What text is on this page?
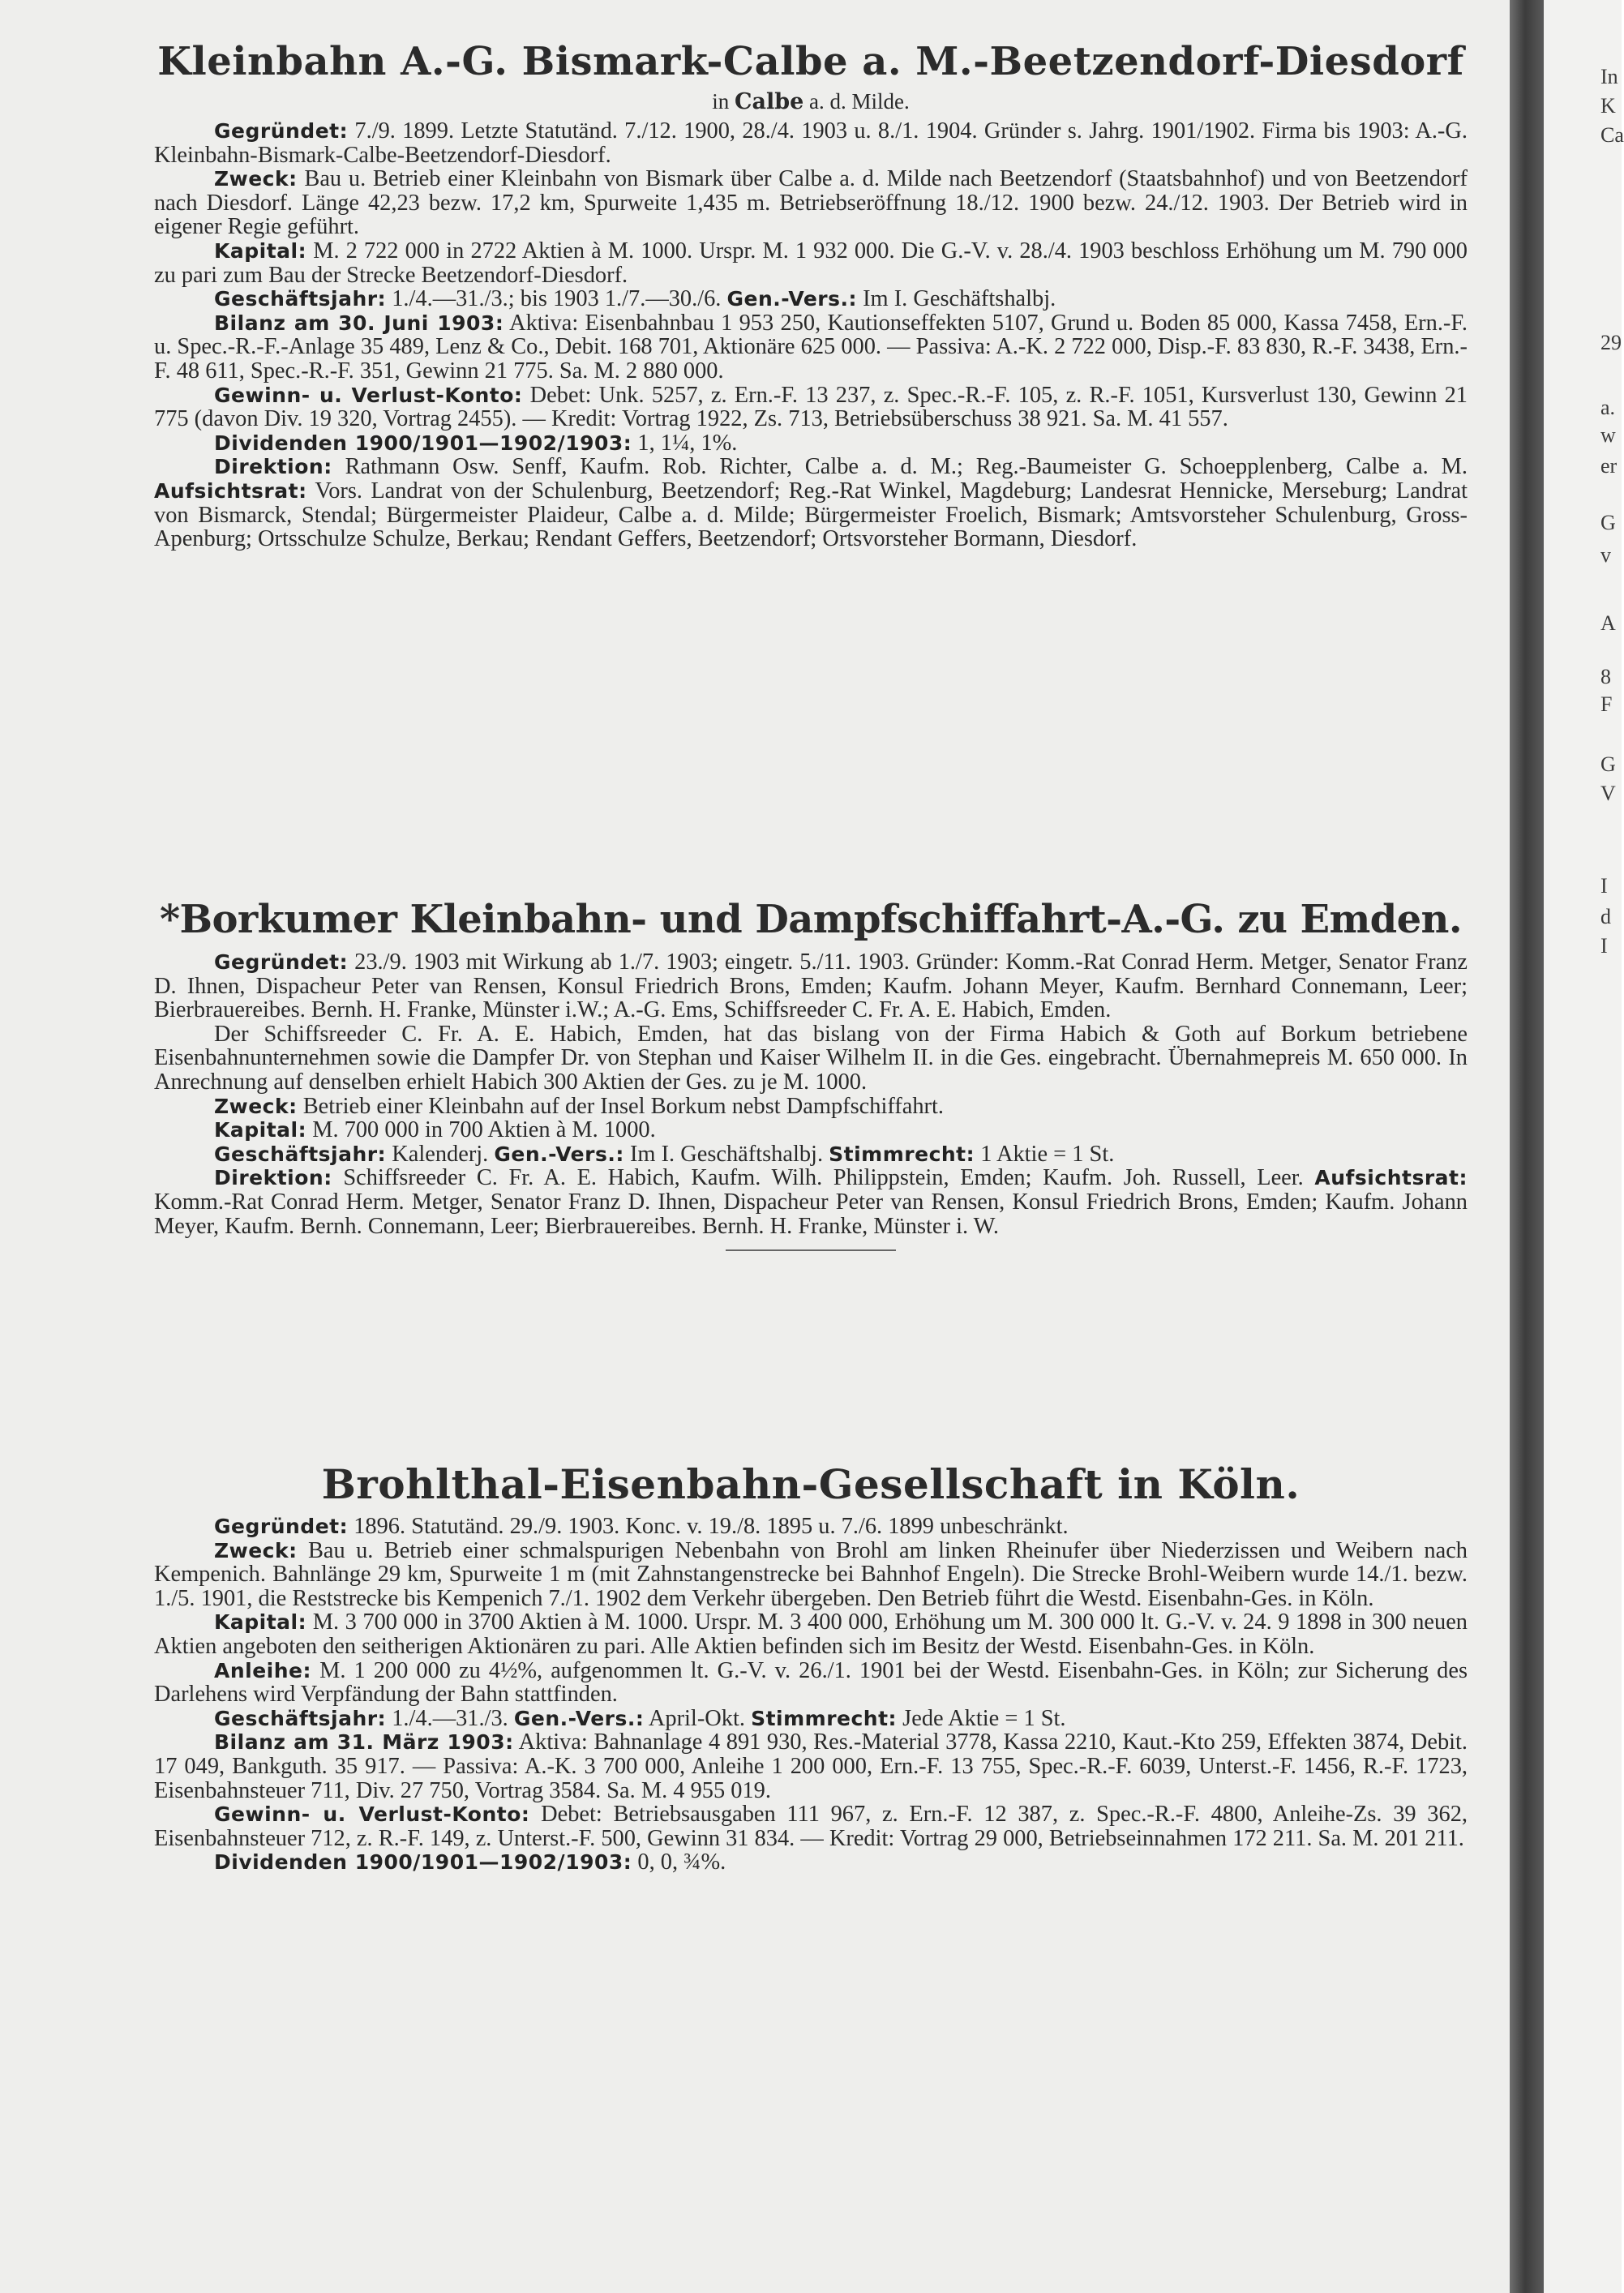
Kleinbahn A.-G. Bismark-Calbe a. M.-Beetzendorf-Diesdorf
in Calbe a. d. Milde.

Gegründet: 7./9. 1899. Letzte Statutänd. 7./12. 1900, 28./4. 1903 u. 8./1. 1904. Gründer s. Jahrg. 1901/1902. Firma bis 1903: A.-G. Kleinbahn-Bismark-Calbe-Beetzendorf-Diesdorf.

Zweck: Bau u. Betrieb einer Kleinbahn von Bismark über Calbe a. d. Milde nach Beetzendorf (Staatsbahnhof) und von Beetzendorf nach Diesdorf. Länge 42,23 bezw. 17,2 km, Spurweite 1,435 m. Betriebseröffnung 18./12. 1900 bezw. 24./12. 1903. Der Betrieb wird in eigener Regie geführt.

Kapital: M. 2 722 000 in 2722 Aktien à M. 1000. Urspr. M. 1 932 000. Die G.-V. v. 28./4. 1903 beschloss Erhöhung um M. 790 000 zu pari zum Bau der Strecke Beetzendorf-Diesdorf.

Geschäftsjahr: 1./4.—31./3.; bis 1903 1./7.—30./6. Gen.-Vers.: Im I. Geschäftshalbj.

Bilanz am 30. Juni 1903: Aktiva: Eisenbahnbau 1 953 250, Kautionseffekten 5107, Grund u. Boden 85 000, Kassa 7458, Ern.-F. u. Spec.-R.-F.-Anlage 35 489, Lenz & Co., Debit. 168 701, Aktionäre 625 000. — Passiva: A.-K. 2 722 000, Disp.-F. 83 830, R.-F. 3438, Ern.-F. 48 611, Spec.-R.-F. 351, Gewinn 21 775. Sa. M. 2 880 000.

Gewinn- u. Verlust-Konto: Debet: Unk. 5257, z. Ern.-F. 13 237, z. Spec.-R.-F. 105, z. R.-F. 1051, Kursverlust 130, Gewinn 21 775 (davon Div. 19 320, Vortrag 2455). — Kredit: Vortrag 1922, Zs. 713, Betriebsüberschuss 38 921. Sa. M. 41 557.

Dividenden 1900/1901—1902/1903: 1, 1¼, 1%.

Direktion: Rathmann Osw. Senff, Kaufm. Rob. Richter, Calbe a. d. M.; Reg.-Baumeister G. Schoepplenberg, Calbe a. M. Aufsichtsrat: Vors. Landrat von der Schulenburg, Beetzendorf; Reg.-Rat Winkel, Magdeburg; Landesrat Hennicke, Merseburg; Landrat von Bismarck, Stendal; Bürgermeister Plaideur, Calbe a. d. Milde; Bürgermeister Froelich, Bismark; Amtsvorsteher Schulenburg, Gross-Apenburg; Ortsschulze Schulze, Berkau; Rendant Geffers, Beetzendorf; Ortsvorsteher Bormann, Diesdorf.

*Borkumer Kleinbahn- und Dampfschiffahrt-A.-G. zu Emden.

Gegründet: 23./9. 1903 mit Wirkung ab 1./7. 1903; eingetr. 5./11. 1903. Gründer: Komm.-Rat Conrad Herm. Metger, Senator Franz D. Ihnen, Dispacheur Peter van Rensen, Konsul Friedrich Brons, Emden; Kaufm. Johann Meyer, Kaufm. Bernhard Connemann, Leer; Bierbrauereibes. Bernh. H. Franke, Münster i.W.; A.-G. Ems, Schiffsreeder C. Fr. A. E. Habich, Emden.

Der Schiffsreeder C. Fr. A. E. Habich, Emden, hat das bislang von der Firma Habich & Goth auf Borkum betriebene Eisenbahnunternehmen sowie die Dampfer Dr. von Stephan und Kaiser Wilhelm II. in die Ges. eingebracht. Übernahmepreis M. 650 000. In Anrechnung auf denselben erhielt Habich 300 Aktien der Ges. zu je M. 1000.

Zweck: Betrieb einer Kleinbahn auf der Insel Borkum nebst Dampfschiffahrt.

Kapital: M. 700 000 in 700 Aktien à M. 1000.

Geschäftsjahr: Kalenderj. Gen.-Vers.: Im I. Geschäftshalbj. Stimmrecht: 1 Aktie = 1 St.

Direktion: Schiffsreeder C. Fr. A. E. Habich, Kaufm. Wilh. Philippstein, Emden; Kaufm. Joh. Russell, Leer. Aufsichtsrat: Komm.-Rat Conrad Herm. Metger, Senator Franz D. Ihnen, Dispacheur Peter van Rensen, Konsul Friedrich Brons, Emden; Kaufm. Johann Meyer, Kaufm. Bernh. Connemann, Leer; Bierbrauereibes. Bernh. H. Franke, Münster i. W.

Brohlthal-Eisenbahn-Gesellschaft in Köln.

Gegründet: 1896. Statutänd. 29./9. 1903. Konc. v. 19./8. 1895 u. 7./6. 1899 unbeschränkt.

Zweck: Bau u. Betrieb einer schmalspurigen Nebenbahn von Brohl am linken Rheinufer über Niederzissen und Weibern nach Kempenich. Bahnlänge 29 km, Spurweite 1 m (mit Zahnstangenstrecke bei Bahnhof Engeln). Die Strecke Brohl-Weibern wurde 14./1. bezw. 1./5. 1901, die Reststrecke bis Kempenich 7./1. 1902 dem Verkehr übergeben. Den Betrieb führt die Westd. Eisenbahn-Ges. in Köln.

Kapital: M. 3 700 000 in 3700 Aktien à M. 1000. Urspr. M. 3 400 000, Erhöhung um M. 300 000 lt. G.-V. v. 24. 9 1898 in 300 neuen Aktien angeboten den seitherigen Aktionären zu pari. Alle Aktien befinden sich im Besitz der Westd. Eisenbahn-Ges. in Köln.

Anleihe: M. 1 200 000 zu 4½%, aufgenommen lt. G.-V. v. 26./1. 1901 bei der Westd. Eisenbahn-Ges. in Köln; zur Sicherung des Darlehens wird Verpfändung der Bahn stattfinden.

Geschäftsjahr: 1./4.—31./3. Gen.-Vers.: April-Okt. Stimmrecht: Jede Aktie = 1 St.

Bilanz am 31. März 1903: Aktiva: Bahnanlage 4 891 930, Res.-Material 3778, Kassa 2210, Kaut.-Kto 259, Effekten 3874, Debit. 17 049, Bankguth. 35 917. — Passiva: A.-K. 3 700 000, Anleihe 1 200 000, Ern.-F. 13 755, Spec.-R.-F. 6039, Unterst.-F. 1456, R.-F. 1723, Eisenbahnsteuer 711, Div. 27 750, Vortrag 3584. Sa. M. 4 955 019.

Gewinn- u. Verlust-Konto: Debet: Betriebsausgaben 111 967, z. Ern.-F. 12 387, z. Spec.-R.-F. 4800, Anleihe-Zs. 39 362, Eisenbahnsteuer 712, z. R.-F. 149, z. Unterst.-F. 500, Gewinn 31 834. — Kredit: Vortrag 29 000, Betriebseinnahmen 172 211. Sa. M. 201 211.

Dividenden 1900/1901—1902/1903: 0, 0, ¾%.

In
K
Ca
29
a.
w
er
G
v
A
8
F
G
V
I
d
I
